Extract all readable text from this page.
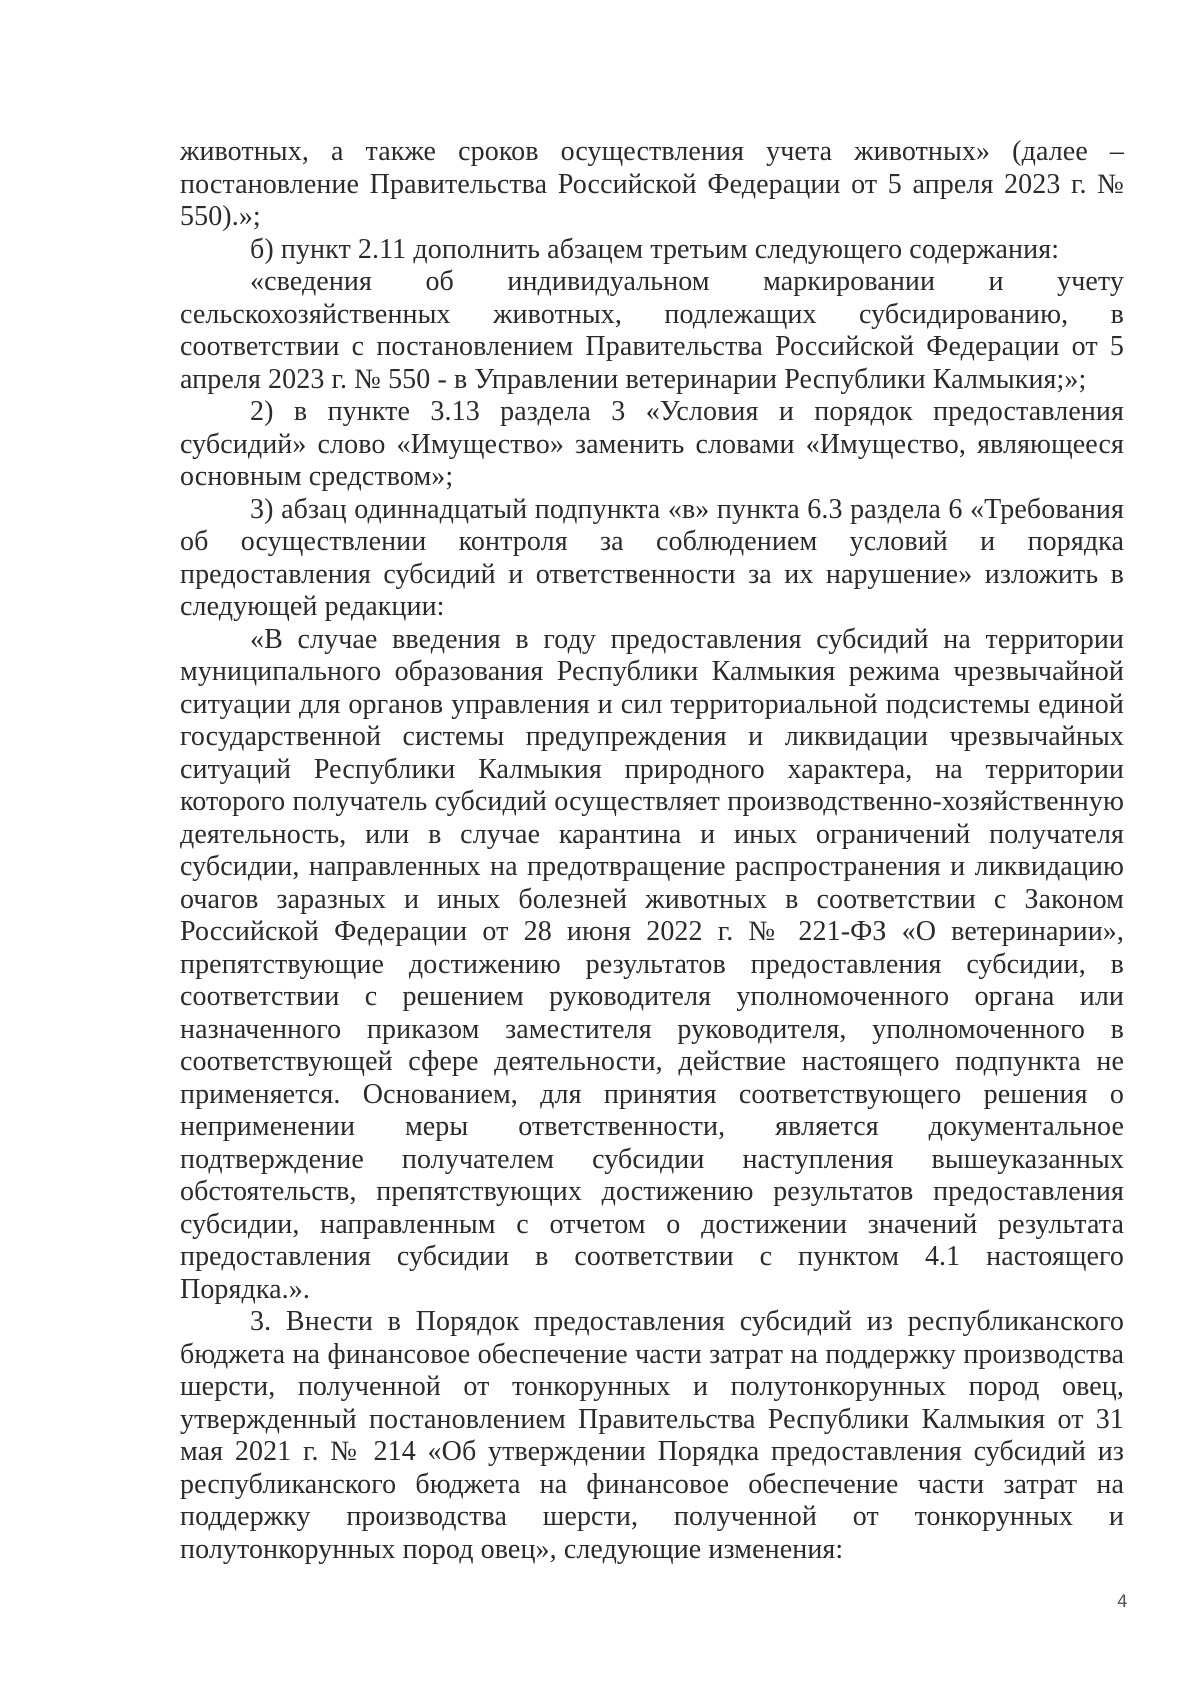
животных, а также сроков осуществления учета животных» (далее – постановление Правительства Российской Федерации от 5 апреля 2023 г. № 550).»;

б) пункт 2.11 дополнить абзацем третьим следующего содержания:

«сведения об индивидуальном маркировании и учету сельскохозяйственных животных, подлежащих субсидированию, в соответствии с постановлением Правительства Российской Федерации от 5 апреля 2023 г. № 550 - в Управлении ветеринарии Республики Калмыкия;»;

2) в пункте 3.13 раздела 3 «Условия и порядок предоставления субсидий» слово «Имущество» заменить словами «Имущество, являющееся основным средством»;

3) абзац одиннадцатый подпункта «в» пункта 6.3 раздела 6 «Требования об осуществлении контроля за соблюдением условий и порядка предоставления субсидий и ответственности за их нарушение» изложить в следующей редакции:

«В случае введения в году предоставления субсидий на территории муниципального образования Республики Калмыкия режима чрезвычайной ситуации для органов управления и сил территориальной подсистемы единой государственной системы предупреждения и ликвидации чрезвычайных ситуаций Республики Калмыкия природного характера, на территории которого получатель субсидий осуществляет производственно-хозяйственную деятельность, или в случае карантина и иных ограничений получателя субсидии, направленных на предотвращение распространения и ликвидацию очагов заразных и иных болезней животных в соответствии с Законом Российской Федерации от 28 июня 2022 г. № 221-ФЗ «О ветеринарии», препятствующие достижению результатов предоставления субсидии, в соответствии с решением руководителя уполномоченного органа или назначенного приказом заместителя руководителя, уполномоченного в соответствующей сфере деятельности, действие настоящего подпункта не применяется. Основанием, для принятия соответствующего решения о неприменении меры ответственности, является документальное подтверждение получателем субсидии наступления вышеуказанных обстоятельств, препятствующих достижению результатов предоставления субсидии, направленным с отчетом о достижении значений результата предоставления субсидии в соответствии с пунктом 4.1 настоящего Порядка.».

3. Внести в Порядок предоставления субсидий из республиканского бюджета на финансовое обеспечение части затрат на поддержку производства шерсти, полученной от тонкорунных и полутонкорунных пород овец, утвержденный постановлением Правительства Республики Калмыкия от 31 мая 2021 г. № 214 «Об утверждении Порядка предоставления субсидий из республиканского бюджета на финансовое обеспечение части затрат на поддержку производства шерсти, полученной от тонкорунных и полутонкорунных пород овец», следующие изменения:

4
